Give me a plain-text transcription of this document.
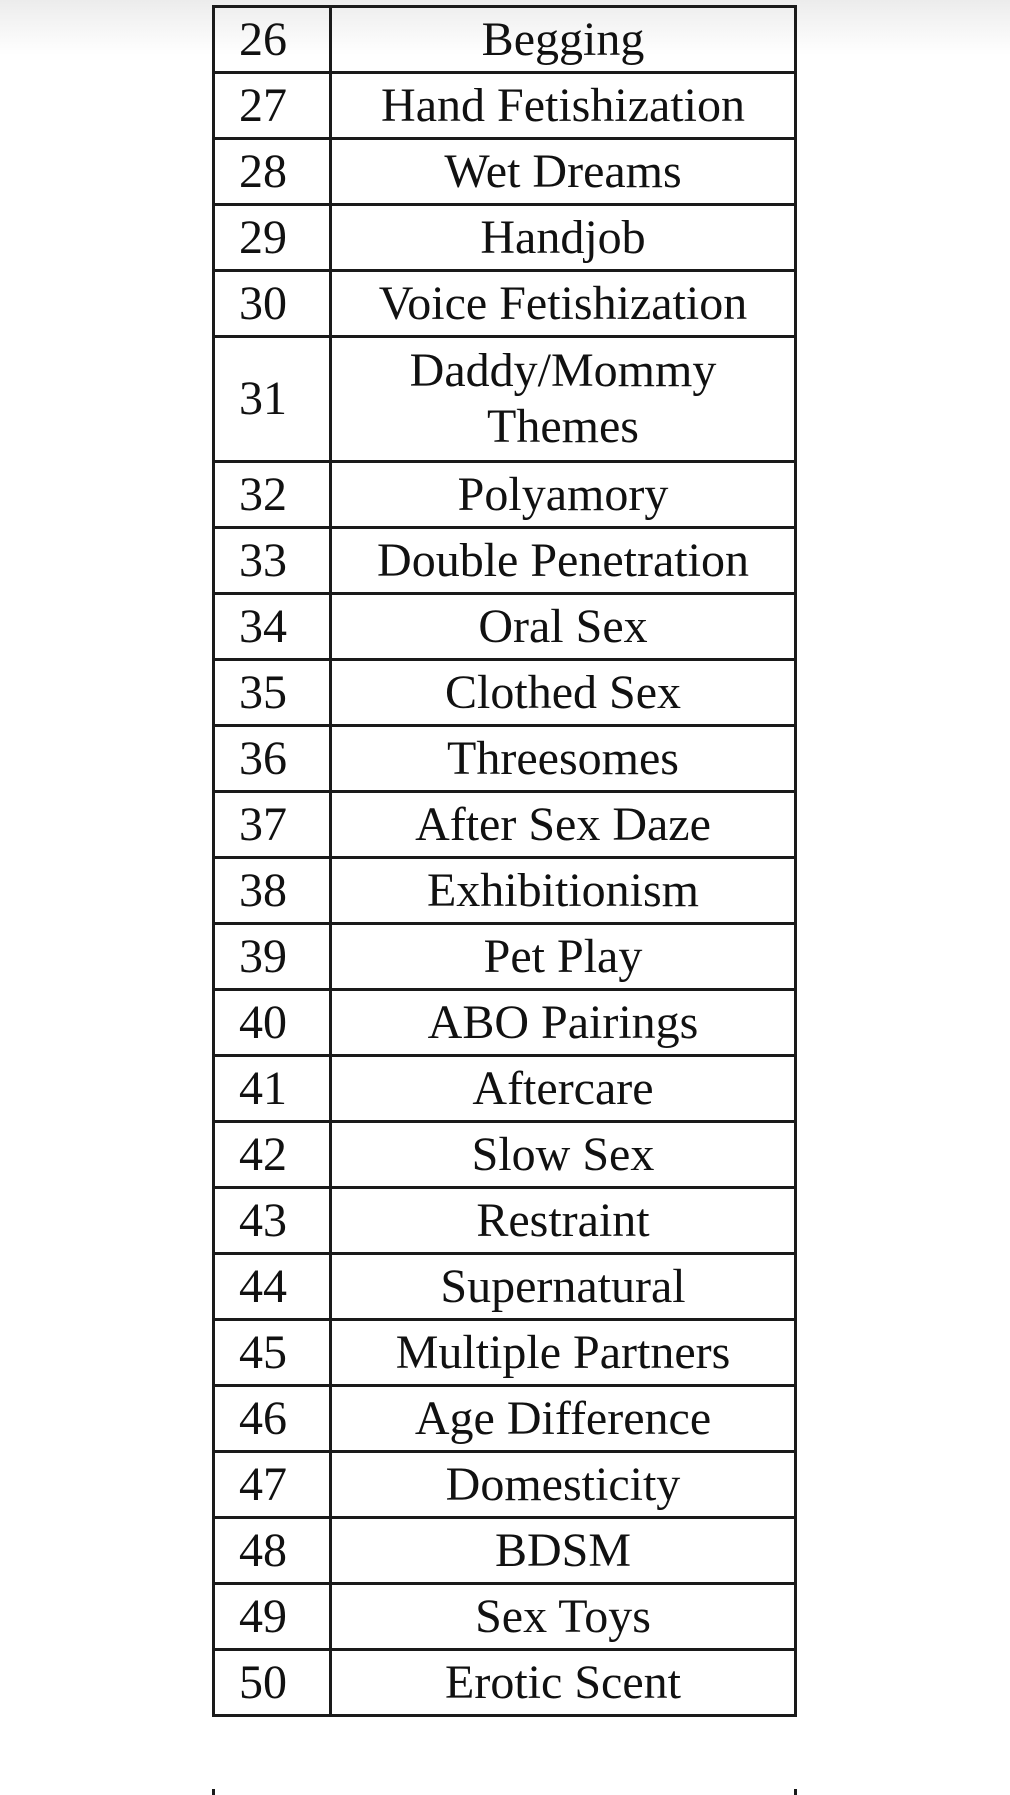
26	Begging
27	Hand Fetishization
28	Wet Dreams
29	Handjob
30	Voice Fetishization
31	Daddy/Mommy Themes
32	Polyamory
33	Double Penetration
34	Oral Sex
35	Clothed Sex
36	Threesomes
37	After Sex Daze
38	Exhibitionism
39	Pet Play
40	ABO Pairings
41	Aftercare
42	Slow Sex
43	Restraint
44	Supernatural
45	Multiple Partners
46	Age Difference
47	Domesticity
48	BDSM
49	Sex Toys
50	Erotic Scent
